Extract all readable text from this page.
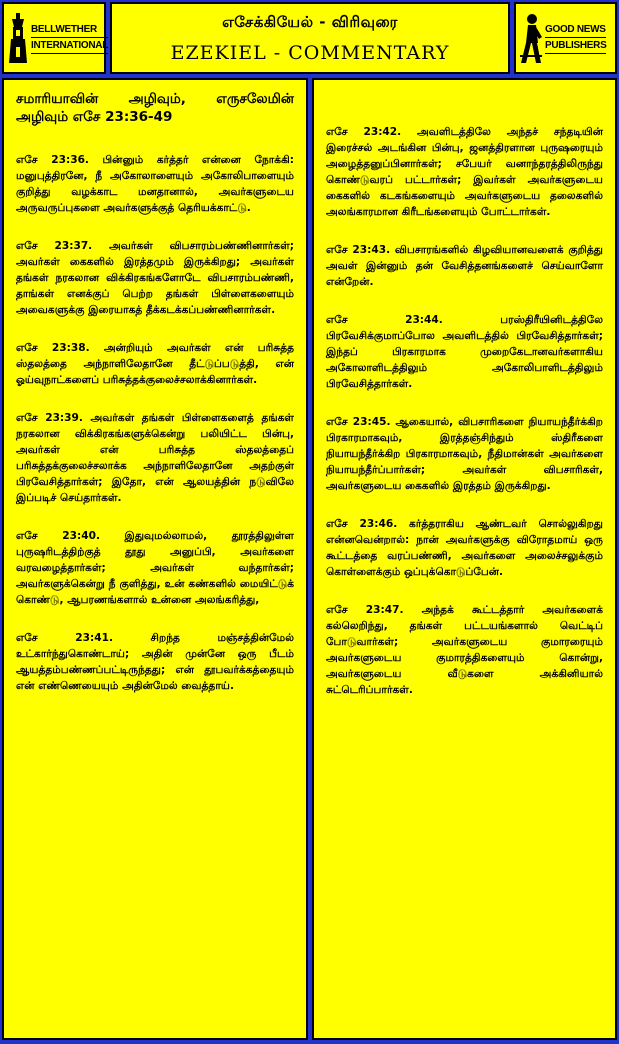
BELLWETHER
INTERNATIONAL
எசேக்கியேல் - விரிவுரை
EZEKIEL - COMMENTARY
GOOD NEWS
PUBLISHERS
சமாரியாவின் அழிவும், எருசலேமின் அழிவும் எசே 23:36-49

எசே 23:36. பின்னும் கர்த்தர் என்னை நோக்கி: மனுபுத்திரனே, நீ அகோலாளையும் அகோலிபாளையும் குறித்து வழக்காட மனதானால், அவர்களுடைய அருவருப்புகளை அவர்களுக்குத் தெரியக்காட்டு.

எசே 23:37. அவர்கள் விபசாரம்பண்ணினார்கள்; அவர்கள் கைகளில் இரத்தமும் இருக்கிறது; அவர்கள் தங்கள் நரகலான விக்கிரகங்களோடே விபசாரம்பண்ணி, தாங்கள் எனக்குப் பெற்ற தங்கள் பிள்ளைகளையும் அவைகளுக்கு இரையாகத் தீக்கடக்கப்பண்ணினார்கள்.

எசே 23:38. அன்றியும் அவர்கள் என் பரிசுத்த ஸ்தலத்தை அந்நாளிலேதானே தீட்டுப்படுத்தி, என் ஓய்வுநாட்களைப் பரிசுத்தக்குலைச்சலாக்கினார்கள்.

எசே 23:39. அவர்கள் தங்கள் பிள்ளைகளைத் தங்கள் நரகலான விக்கிரகங்களுக்கென்று பலியிட்ட பின்பு, அவர்கள் என் பரிசுத்த ஸ்தலத்தைப் பரிசுத்தக்குலைச்சலாக்க அந்நாளிலேதானே அதற்குள் பிரவேசித்தார்கள்; இதோ, என் ஆலயத்தின் நடுவிலே இப்படிச் செய்தார்கள்.

எசே 23:40. இதுவுமல்லாமல், தூரத்திலுள்ள புருஷரிடத்திற்குத் தூது அனுப்பி, அவர்களை வரவழைத்தார்கள்; அவர்கள் வந்தார்கள்; அவர்களுக்கென்று நீ குளித்து, உன் கண்களில் மையிட்டுக் கொண்டு, ஆபரணங்களால் உன்னை அலங்கரித்து,

எசே 23:41. சிறந்த மஞ்சத்தின்மேல் உட்கார்ந்துகொண்டாய்; அதின் முன்னே ஒரு பீடம் ஆயத்தம்பண்ணப்பட்டிருந்தது; என் தூபவர்க்கத்தையும் என் எண்ணெயையும் அதின்மேல் வைத்தாய்.

எசே 23:42. அவளிடத்திலே அந்தச் சந்தடியின் இரைச்சல் அடங்கின பின்பு, ஜனத்திரளான புருஷரையும் அழைத்தனுப்பினார்கள்; சபேயர் வனாந்தரத்திலிருந்து கொண்டுவரப் பட்டார்கள்; இவர்கள் அவர்களுடைய கைகளில் கடகங்களையும் அவர்களுடைய தலைகளில் அலங்காரமான கிரீடங்களையும் போட்டார்கள்.

எசே 23:43. விபசாரங்களில் கிழவியானவளைக் குறித்து அவள் இன்னும் தன் வேசித்தனங்களைச் செய்வாளோ என்றேன்.

எசே 23:44. பரஸ்திரீயினிடத்திலே பிரவேசிக்குமாப்போல அவளிடத்தில் பிரவேசித்தார்கள்; இந்தப் பிரகாரமாக முறைகேடானவர்களாகிய அகோலாளிடத்திலும் அகோலிபாளிடத்திலும் பிரவேசித்தார்கள்.

எசே 23:45. ஆகையால், விபசாரிகளை நியாயந்தீர்க்கிற பிரகாரமாகவும், இரத்தஞ்சிந்தும் ஸ்திரீகளை நியாயந்தீர்க்கிற பிரகாரமாகவும், நீதிமான்கள் அவர்களை நியாயந்தீர்ப்பார்கள்; அவர்கள் விபசாரிகள், அவர்களுடைய கைகளில் இரத்தம் இருக்கிறது.

எசே 23:46. கர்த்தராகிய ஆண்டவர் சொல்லுகிறது என்னவென்றால்: நான் அவர்களுக்கு விரோதமாய் ஒரு கூட்டத்தை வரப்பண்ணி, அவர்களை அலைச்சலுக்கும் கொள்ளைக்கும் ஒப்புக்கொடுப்பேன்.

எசே 23:47. அந்தக் கூட்டத்தார் அவர்களைக் கல்லெறிந்து, தங்கள் பட்டயங்களால் வெட்டிப் போடுவார்கள்; அவர்களுடைய குமாரரையும் அவர்களுடைய குமாரத்திகளையும் கொன்று, அவர்களுடைய வீடுகளை அக்கினியால் சுட்டெரிப்பார்கள்.
